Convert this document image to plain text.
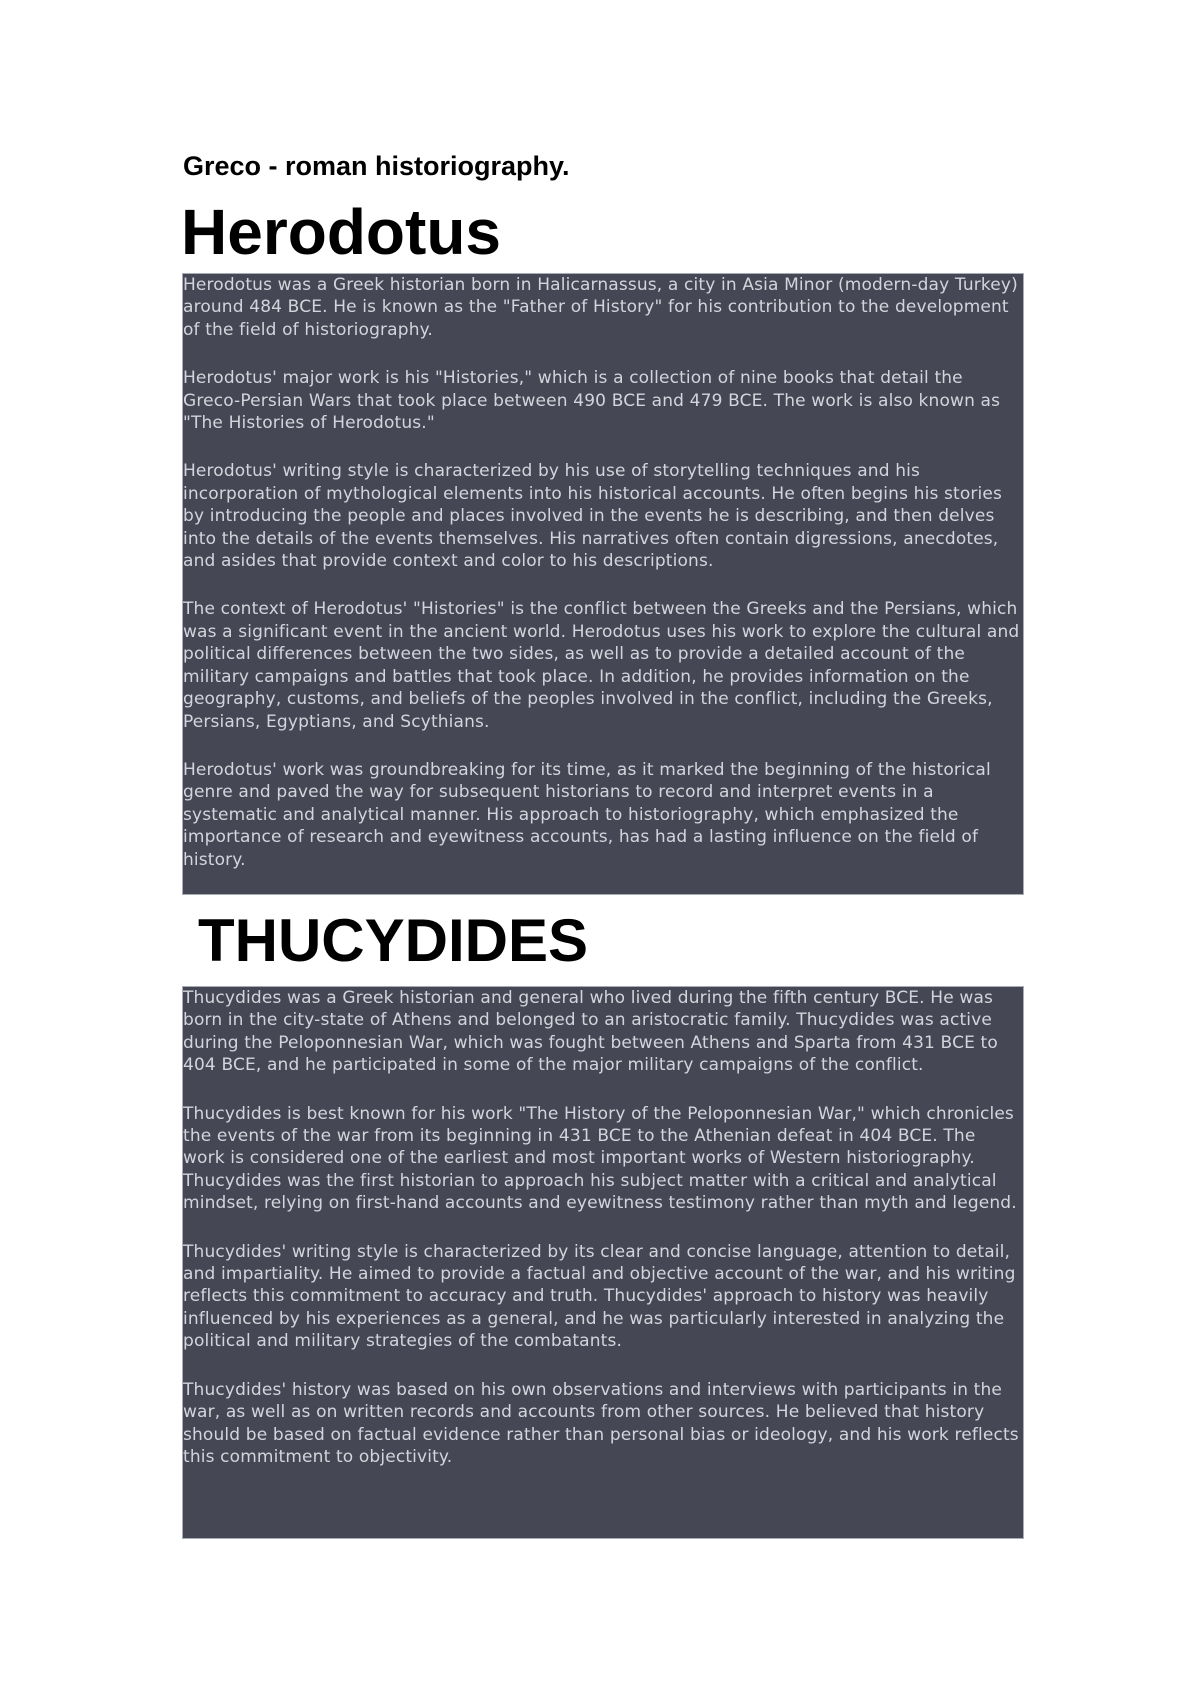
Greco - roman historiography.
Herodotus

Herodotus was a Greek historian born in Halicarnassus, a city in Asia Minor (modern-day Turkey) around 484 BCE. He is known as the "Father of History" for his contribution to the development of the field of historiography.

Herodotus' major work is his "Histories," which is a collection of nine books that detail the Greco-Persian Wars that took place between 490 BCE and 479 BCE. The work is also known as "The Histories of Herodotus."

Herodotus' writing style is characterized by his use of storytelling techniques and his incorporation of mythological elements into his historical accounts. He often begins his stories by introducing the people and places involved in the events he is describing, and then delves into the details of the events themselves. His narratives often contain digressions, anecdotes, and asides that provide context and color to his descriptions.

The context of Herodotus' "Histories" is the conflict between the Greeks and the Persians, which was a significant event in the ancient world. Herodotus uses his work to explore the cultural and political differences between the two sides, as well as to provide a detailed account of the military campaigns and battles that took place. In addition, he provides information on the geography, customs, and beliefs of the peoples involved in the conflict, including the Greeks, Persians, Egyptians, and Scythians.

Herodotus' work was groundbreaking for its time, as it marked the beginning of the historical genre and paved the way for subsequent historians to record and interpret events in a systematic and analytical manner. His approach to historiography, which emphasized the importance of research and eyewitness accounts, has had a lasting influence on the field of history.

THUCYDIDES

Thucydides was a Greek historian and general who lived during the fifth century BCE. He was born in the city-state of Athens and belonged to an aristocratic family. Thucydides was active during the Peloponnesian War, which was fought between Athens and Sparta from 431 BCE to 404 BCE, and he participated in some of the major military campaigns of the conflict.

Thucydides is best known for his work "The History of the Peloponnesian War," which chronicles the events of the war from its beginning in 431 BCE to the Athenian defeat in 404 BCE. The work is considered one of the earliest and most important works of Western historiography. Thucydides was the first historian to approach his subject matter with a critical and analytical mindset, relying on first-hand accounts and eyewitness testimony rather than myth and legend.

Thucydides' writing style is characterized by its clear and concise language, attention to detail, and impartiality. He aimed to provide a factual and objective account of the war, and his writing reflects this commitment to accuracy and truth. Thucydides' approach to history was heavily influenced by his experiences as a general, and he was particularly interested in analyzing the political and military strategies of the combatants.

Thucydides' history was based on his own observations and interviews with participants in the war, as well as on written records and accounts from other sources. He believed that history should be based on factual evidence rather than personal bias or ideology, and his work reflects this commitment to objectivity.
